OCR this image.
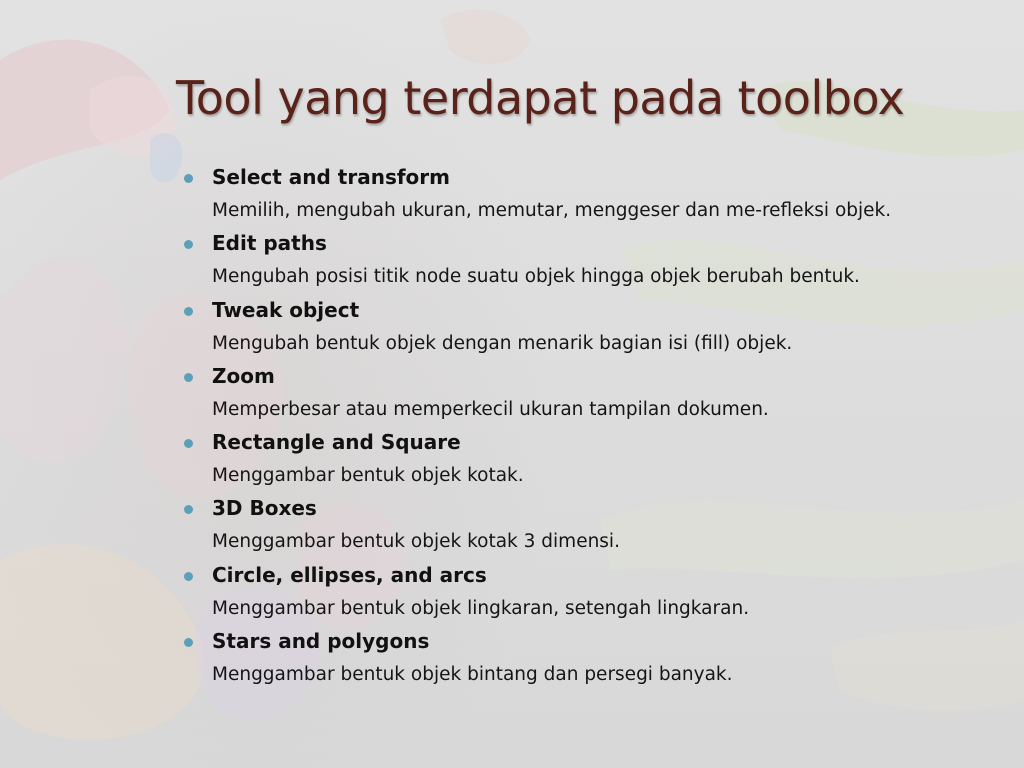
Tool yang terdapat pada toolbox
Select and transform
Memilih, mengubah ukuran, memutar, menggeser dan me-refleksi objek.
Edit paths
Mengubah posisi titik node suatu objek hingga objek berubah bentuk.
Tweak object
Mengubah bentuk objek dengan menarik bagian isi (fill) objek.
Zoom
Memperbesar atau memperkecil ukuran tampilan dokumen.
Rectangle and Square
Menggambar bentuk objek kotak.
3D Boxes
Menggambar bentuk objek kotak 3 dimensi.
Circle, ellipses, and arcs
Menggambar bentuk objek lingkaran, setengah lingkaran.
Stars and polygons
Menggambar bentuk objek bintang dan persegi banyak.
